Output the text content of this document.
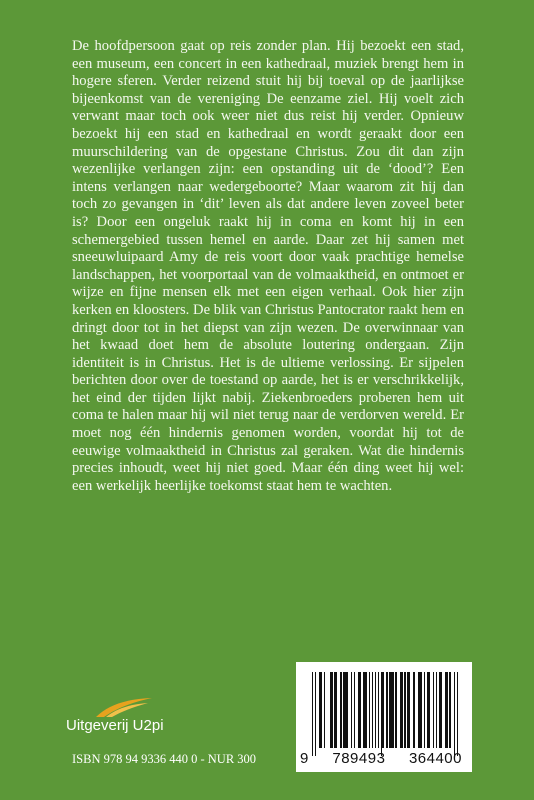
De hoofdpersoon gaat op reis zonder plan. Hij bezoekt een stad, een museum, een concert in een kathedraal, muziek brengt hem in hogere sferen. Verder reizend stuit hij bij toeval op de jaarlijkse bijeenkomst van de vereniging De eenzame ziel. Hij voelt zich verwant maar toch ook weer niet dus reist hij verder. Opnieuw bezoekt hij een stad en kathedraal en wordt geraakt door een muurschildering van de opgestane Christus. Zou dit dan zijn wezenlijke verlangen zijn: een opstanding uit de ‘dood’? Een intens verlangen naar wedergeboorte? Maar waarom zit hij dan toch zo gevangen in ‘dit’ leven als dat andere leven zoveel beter is? Door een ongeluk raakt hij in coma en komt hij in een schemergebied tussen hemel en aarde. Daar zet hij samen met sneeuwluipaard Amy de reis voort door vaak prachtige hemelse landschappen, het voorportaal van de volmaaktheid, en ontmoet er wijze en fijne mensen elk met een eigen verhaal. Ook hier zijn kerken en kloosters. De blik van Christus Pantocrator raakt hem en dringt door tot in het diepst van zijn wezen. De overwinnaar van het kwaad doet hem de absolute loutering ondergaan. Zijn identiteit is in Christus. Het is de ultieme verlossing. Er sijpelen berichten door over de toestand op aarde, het is er verschrikkelijk, het eind der tijden lijkt nabij. Ziekenbroeders proberen hem uit coma te halen maar hij wil niet terug naar de verdorven wereld. Er moet nog één hindernis genomen worden, voordat hij tot de eeuwige volmaaktheid in Christus zal geraken. Wat die hindernis precies inhoudt, weet hij niet goed. Maar één ding weet hij wel: een werkelijk heerlijke toekomst staat hem te wachten.

Uitgeverij U2pi
ISBN 978 94 9336 440 0 - NUR 300	9 789493 364400
